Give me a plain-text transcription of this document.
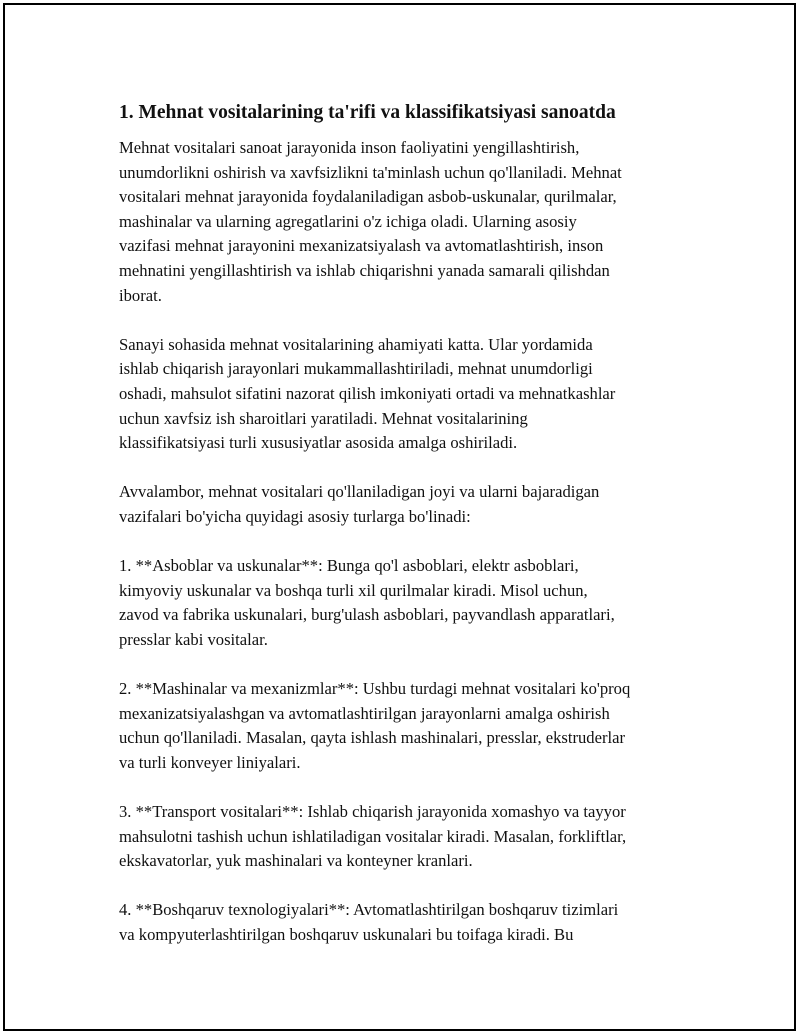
1. Mehnat vositalarining ta'rifi va klassifikatsiyasi sanoatda

Mehnat vositalari sanoat jarayonida inson faoliyatini yengillashtirish,
unumdorlikni oshirish va xavfsizlikni ta'minlash uchun qo'llaniladi. Mehnat
vositalari mehnat jarayonida foydalaniladigan asbob-uskunalar, qurilmalar,
mashinalar va ularning agregatlarini o'z ichiga oladi. Ularning asosiy
vazifasi mehnat jarayonini mexanizatsiyalash va avtomatlashtirish, inson
mehnatini yengillashtirish va ishlab chiqarishni yanada samarali qilishdan
iborat.

Sanayi sohasida mehnat vositalarining ahamiyati katta. Ular yordamida
ishlab chiqarish jarayonlari mukammallashtiriladi, mehnat unumdorligi
oshadi, mahsulot sifatini nazorat qilish imkoniyati ortadi va mehnatkashlar
uchun xavfsiz ish sharoitlari yaratiladi. Mehnat vositalarining
klassifikatsiyasi turli xususiyatlar asosida amalga oshiriladi.

Avvalambor, mehnat vositalari qo'llaniladigan joyi va ularni bajaradigan
vazifalari bo'yicha quyidagi asosiy turlarga bo'linadi:

1. **Asboblar va uskunalar**: Bunga qo'l asboblari, elektr asboblari,
kimyoviy uskunalar va boshqa turli xil qurilmalar kiradi. Misol uchun,
zavod va fabrika uskunalari, burg'ulash asboblari, payvandlash apparatlari,
presslar kabi vositalar.

2. **Mashinalar va mexanizmlar**: Ushbu turdagi mehnat vositalari ko'proq
mexanizatsiyalashgan va avtomatlashtirilgan jarayonlarni amalga oshirish
uchun qo'llaniladi. Masalan, qayta ishlash mashinalari, presslar, ekstruderlar
va turli konveyer liniyalari.

3. **Transport vositalari**: Ishlab chiqarish jarayonida xomashyo va tayyor
mahsulotni tashish uchun ishlatiladigan vositalar kiradi. Masalan, forkliftlar,
ekskavatorlar, yuk mashinalari va konteyner kranlari.

4. **Boshqaruv texnologiyalari**: Avtomatlashtirilgan boshqaruv tizimlari
va kompyuterlashtirilgan boshqaruv uskunalari bu toifaga kiradi. Bu
